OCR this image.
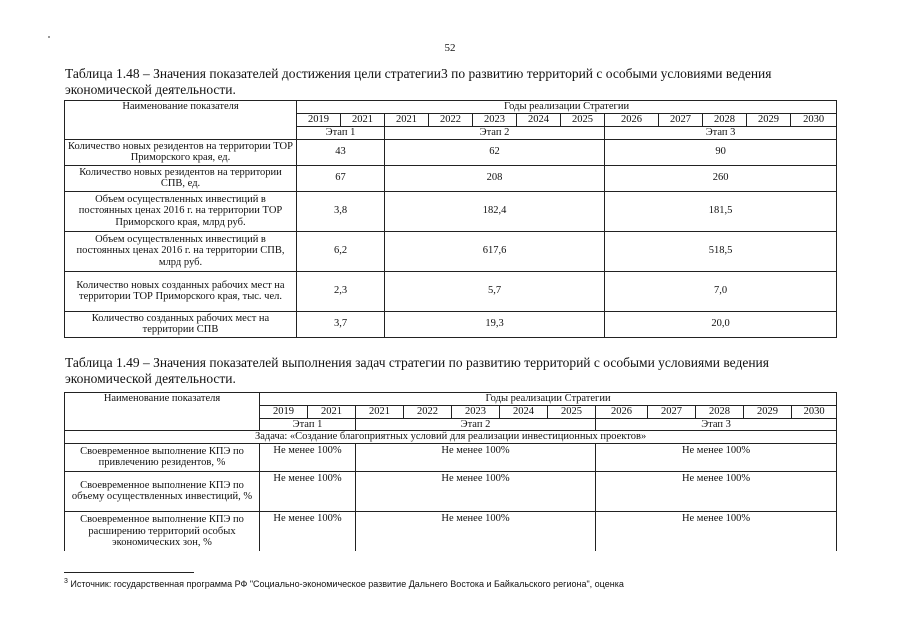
52
Таблица 1.48 – Значения показателей достижения цели стратегии3 по развитию территорий с особыми условиями ведения экономической деятельности.
Наименование показателя	Годы реализации Стратегии											
	2019	2021	2021	2022	2023	2024	2025	2026	2027	2028	2029	2030
	Этап 1		Этап 2					Этап 3				
Количество новых резидентов на территории ТОР Приморского края, ед.	43		62					90				
Количество новых резидентов на территории СПВ, ед.	67		208					260				
Объем осуществленных инвестиций в постоянных ценах 2016 г. на территории ТОР Приморского края, млрд руб.	3,8		182,4					181,5				
Объем осуществленных инвестиций в постоянных ценах 2016 г. на территории СПВ, млрд руб.	6,2		617,6					518,5				
Количество новых созданных рабочих мест на территории ТОР Приморского края, тыс. чел.	2,3		5,7					7,0				
Количество созданных рабочих мест на территории СПВ	3,7		19,3					20,0				
Таблица 1.49 – Значения показателей выполнения задач стратегии по развитию территорий с особыми условиями ведения экономической деятельности.
Наименование показателя	Годы реализации Стратегии											
	2019	2021	2021	2022	2023	2024	2025	2026	2027	2028	2029	2030
	Этап 1		Этап 2					Этап 3				
Задача: «Создание благоприятных условий для реализации инвестиционных проектов»												
Своевременное выполнение КПЭ по привлечению резидентов, %	Не менее 100%		Не менее 100%					Не менее 100%				
Своевременное выполнение КПЭ по объему осуществленных инвестиций, %	Не менее 100%		Не менее 100%					Не менее 100%				
Своевременное выполнение КПЭ по расширению территорий особых экономических зон, %	Не менее 100%		Не менее 100%					Не менее 100%				
$^3$ Источник: государственная программа РФ "Социально-экономическое развитие Дальнего Востока и Байкальского региона", оценка
